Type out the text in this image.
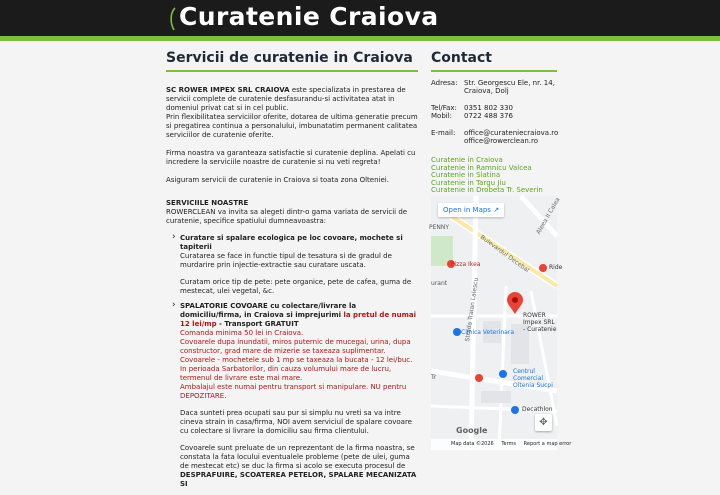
Curatenie Craiova
Servicii de curatenie in Craiova

SC ROWER IMPEX SRL CRAIOVA este specializata in prestarea de servicii complete de curatenie desfasurandu-si activitatea atat in domeniul privat cat si in cel public.
Prin flexibilitatea serviciilor oferite, dotarea de ultima generatie precum si pregatirea continua a personalului, imbunatatim permanent calitatea serviciilor de curatenie oferite.

Firma noastra va garanteaza satisfactie si curatenie deplina. Apelati cu incredere la serviciile noastre de curatenie si nu veti regreta!

Asiguram servicii de curatenie in Craiova si toata zona Olteniei.

SERVICIILE NOASTRE
ROWERCLEAN va invita sa alegeti dintr-o gama variata de servicii de curatenie, specifice spatiului dumneavoastra:
› Curatare si spalare ecologica pe loc covoare, mochete si tapiterii
Curatarea se face in functie tipul de tesatura si de gradul de murdarire prin injectie-extractie sau curatare uscata.
Curatam orice tip de pete: pete organice, pete de cafea, guma de mestecat, ulei vegetal, &c.
› SPALATORIE COVOARE cu colectare/livrare la domiciliu/firma, in Craiova si imprejurimi la pretul de numai 12 lei/mp - Transport GRATUIT
Comanda minima 50 lei in Craiova.
Covoarele dupa inundatii, miros puternic de mucegai, urina, dupa constructor, grad mare de mizerie se taxeaza suplimentar.
Covoarele - mochetele sub 1 mp se taxeaza la bucata - 12 lei/buc.
In perioada Sarbatorilor, din cauza volumului mare de lucru, termenul de livrare este mai mare.
Ambalajul este numai pentru transport si manipulare. NU pentru DEPOZITARE.
Daca sunteti prea ocupati sau pur si simplu nu vreti sa va intre cineva strain in casa/firma, NOI avem serviciul de spalare covoare cu colectare si livrare la domiciliu sau firma clientului.
Covoarele sunt preluate de un reprezentant de la firma noastra, se constata la fata locului eventualele probleme (pete de ulei, guma de mestecat etc) se duc la firma si acolo se executa procesul de
DESPRAFUIRE, SCOATEREA PETELOR, SPALARE MECANIZATA SI
Contact
Adresa: Str. Georgescu Ele, nr. 14,
Craiova, Dolj
Tel/Fax:	0351 802 330
Mobil:	0722 488 376
E-mail:	office@curateniecraiova.ro
office@rowerclean.ro
Curatenie in Craiova
Curatenie in Ramnicu Valcea
Curatenie in Slatina
Curatenie in Targu Jiu
Curatenie in Drobeta Tr. Severin
Open in Maps ↗
PENNY
Bulevardul Decebal
Aleea II Calea
Pizza Ikea	Ride
urant
Clinica Veterinara
ROWER Impex SRL - Curatenie
Strada Traian Lalescu
Centrul Comercial Oltenia Sucpi
Decathlon
Tr
✥
Google
Map data ©2026 Terms Report a map error
